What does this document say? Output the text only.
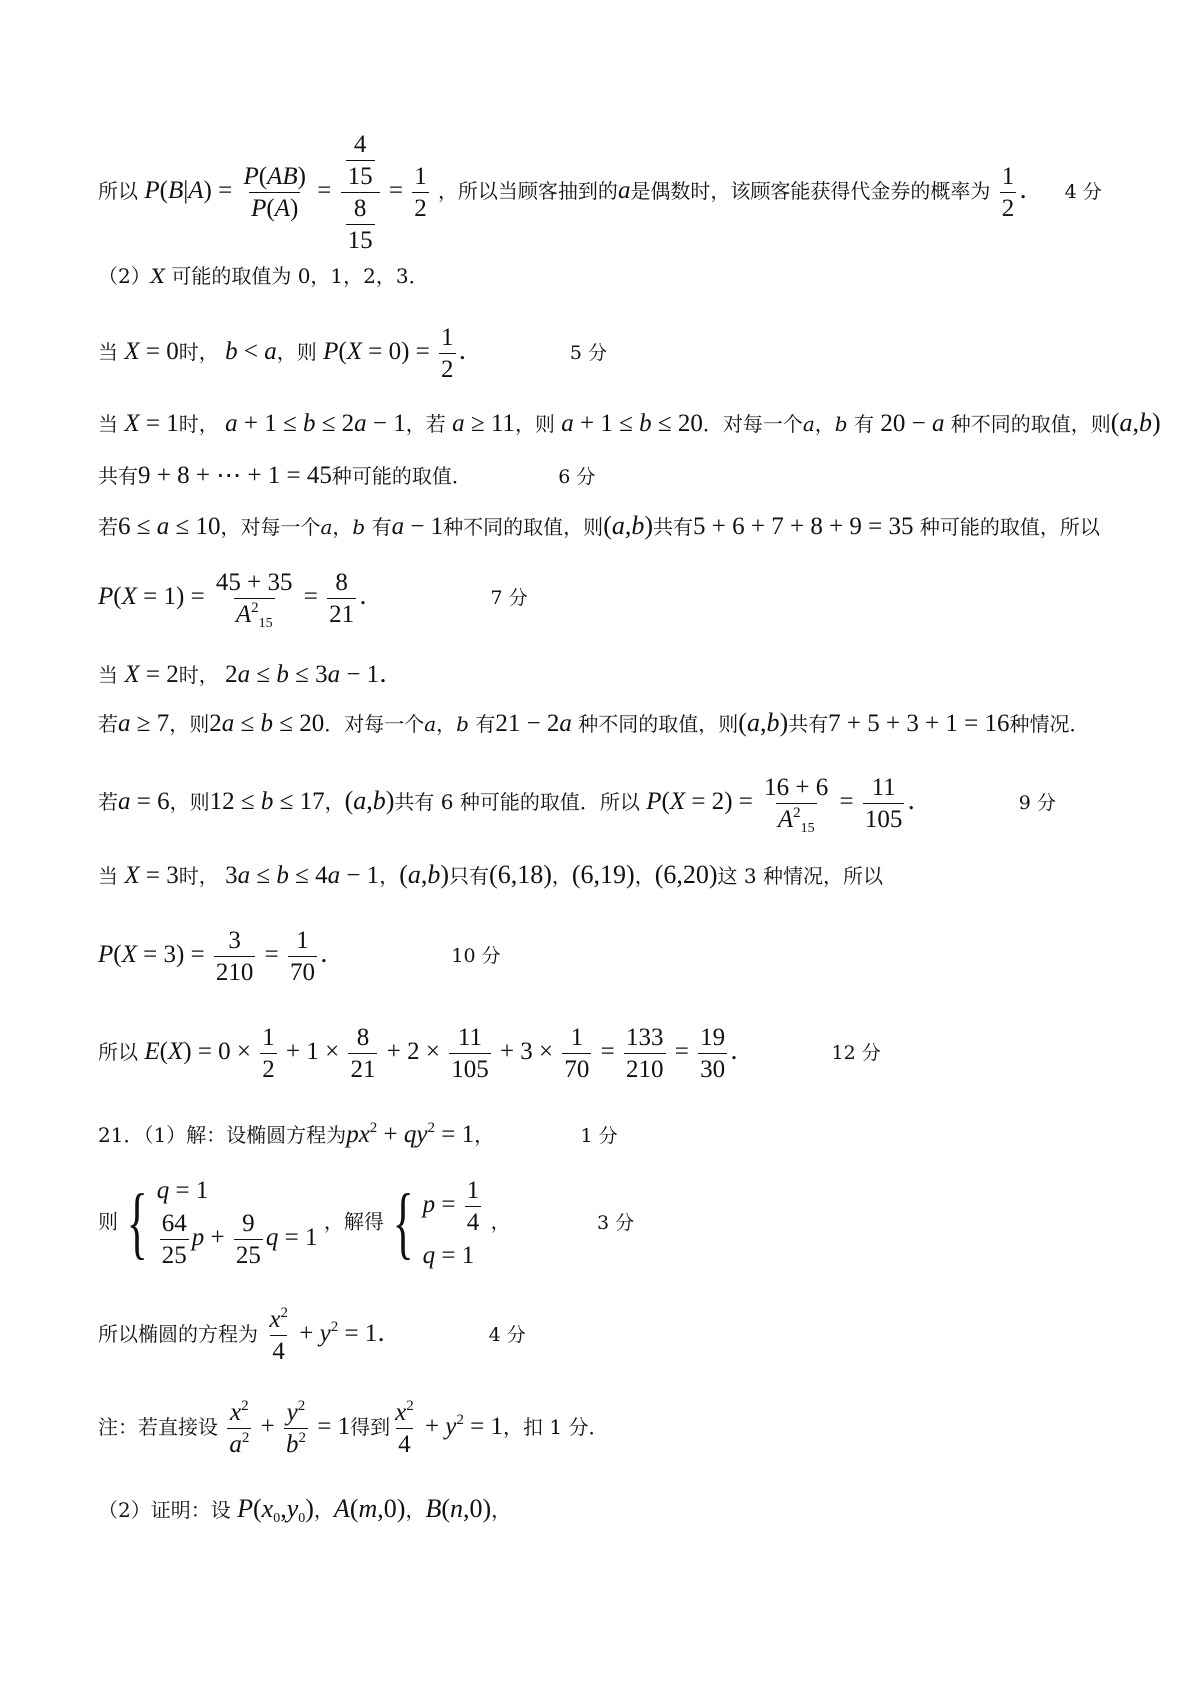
所以 $P(B|A) = \frac{P(AB)}{P(A)} = \frac{\frac{4}{15}}{\frac{8}{15}} = \frac{1}{2}$ ，所以当顾客抽到的a是偶数时，该顾客能获得代金券的概率为 $\frac{1}{2}$ ． 4 分
（2）X 可能的取值为 0，1，2，3．
当 X = 0时， b < a，则 $P(X = 0) = \frac{1}{2}$ ．	5 分
当 X = 1时， a + 1 ≤ b ≤ 2a − 1，若 a ≥ 11，则 a + 1 ≤ b ≤ 20．对每一个a，b 有 20 − a 种不同的取值，则(a,b)
共有9 + 8 + ⋯ + 1 = 45种可能的取值．	6 分
若6 ≤ a ≤ 10，对每一个a，b 有a − 1种不同的取值，则(a,b)共有5 + 6 + 7 + 8 + 9 = 35 种可能的取值，所以
$P(X = 1) = \frac{45 + 35}{A^2_{15}} = \frac{8}{21}$ ．	7 分
当 X = 2时， 2a ≤ b ≤ 3a − 1．
若a ≥ 7，则2a ≤ b ≤ 20．对每一个a，b 有21 − 2a 种不同的取值，则(a,b)共有7 + 5 + 3 + 1 = 16种情况．
若a = 6，则12 ≤ b ≤ 17，(a,b)共有 6 种可能的取值．所以 $P(X = 2) = \frac{16 + 6}{A^2_{15}} = \frac{11}{105}$ ．	9 分
当 X = 3时， 3a ≤ b ≤ 4a − 1，(a,b)只有(6,18)，(6,19)，(6,20)这 3 种情况，所以
$P(X = 3) = \frac{3}{210} = \frac{1}{70}$ ．	10 分
所以 $E(X) = 0 \times \frac{1}{2} + 1 \times \frac{8}{21} + 2 \times \frac{11}{105} + 3 \times \frac{1}{70} = \frac{133}{210} = \frac{19}{30}$ ．	12 分
21．（1）解：设椭圆方程为$px^2 + qy^2 = 1$，	1 分
则 { q = 1
$\frac{64}{25}$ $p + \frac{9}{25}$ q = 1
，解得 { $p = \frac{1}{4}$
q = 1
，	3 分
所以椭圆的方程为 $\frac{x^2}{4} + y^2 = 1$．	4 分
注：若直接设 $\frac{x^2}{a^2} + \frac{y^2}{b^2} = 1$得到 $\frac{x^2}{4} + y^2 = 1$，扣 1 分．
（2）证明：设 $P(x_0,y_0)$，A(m,0)，B(n,0)，
